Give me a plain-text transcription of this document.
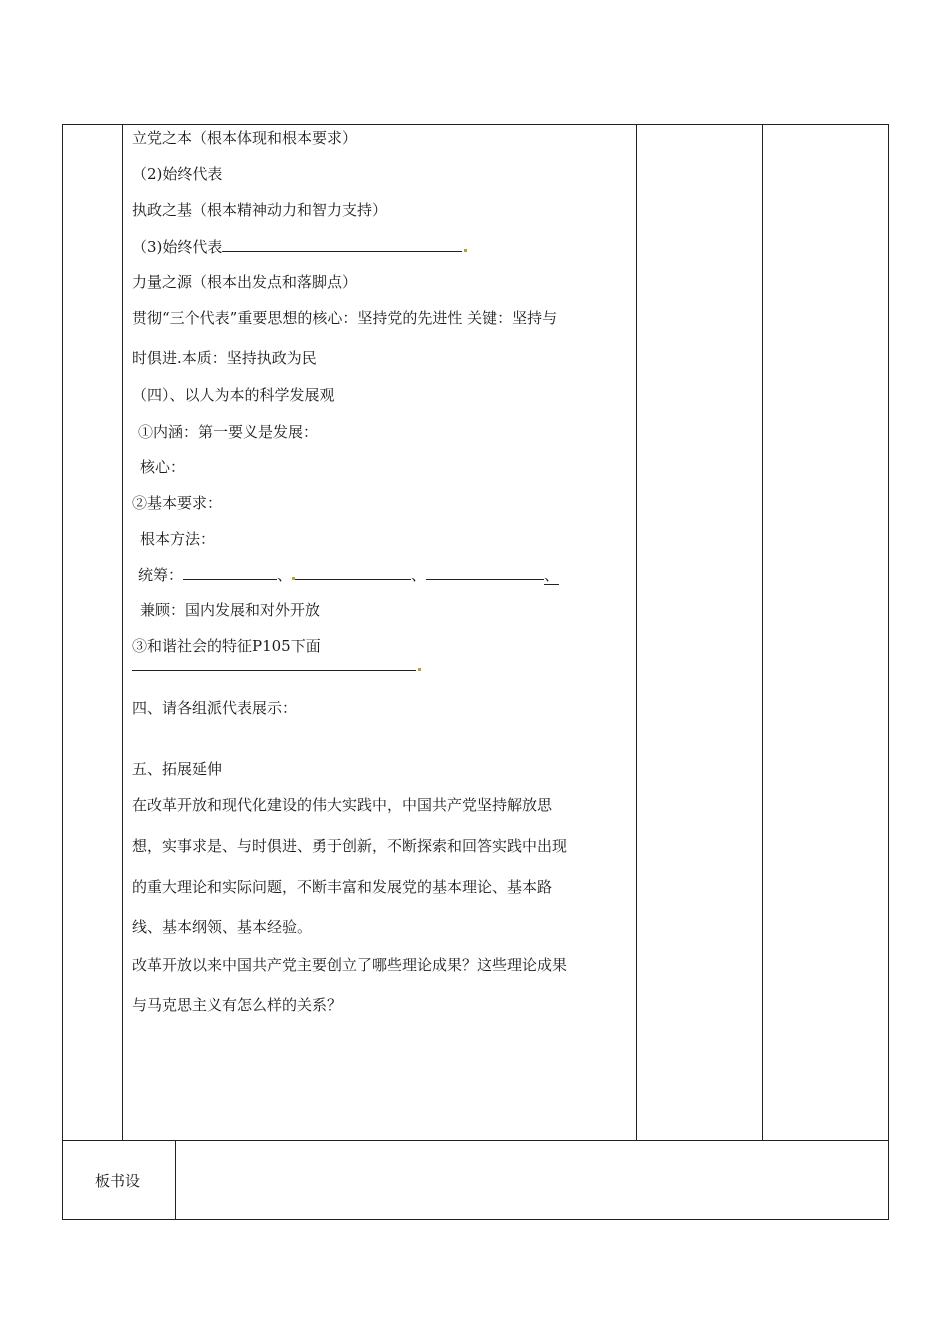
立党之本（根本体现和根本要求）
（2)始终代表
执政之基（根本精神动力和智力支持）
（3)始终代表
力量之源（根本出发点和落脚点）
贯彻“三个代表”重要思想的核心：坚持党的先进性 关键：坚持与
时俱进.本质：坚持执政为民
（四）、以人为本的科学发展观
①内涵：第一要义是发展：
核心：
②基本要求：
根本方法：
统筹：	、	、	、
兼顾：国内发展和对外开放
③和谐社会的特征P105下面
四、请各组派代表展示：
五、拓展延伸
在改革开放和现代化建设的伟大实践中，中国共产党坚持解放思
想，实事求是、与时俱进、勇于创新，不断探索和回答实践中出现
的重大理论和实际问题，不断丰富和发展党的基本理论、基本路
线、基本纲领、基本经验。
改革开放以来中国共产党主要创立了哪些理论成果？这些理论成果
与马克思主义有怎么样的关系？
板书设
